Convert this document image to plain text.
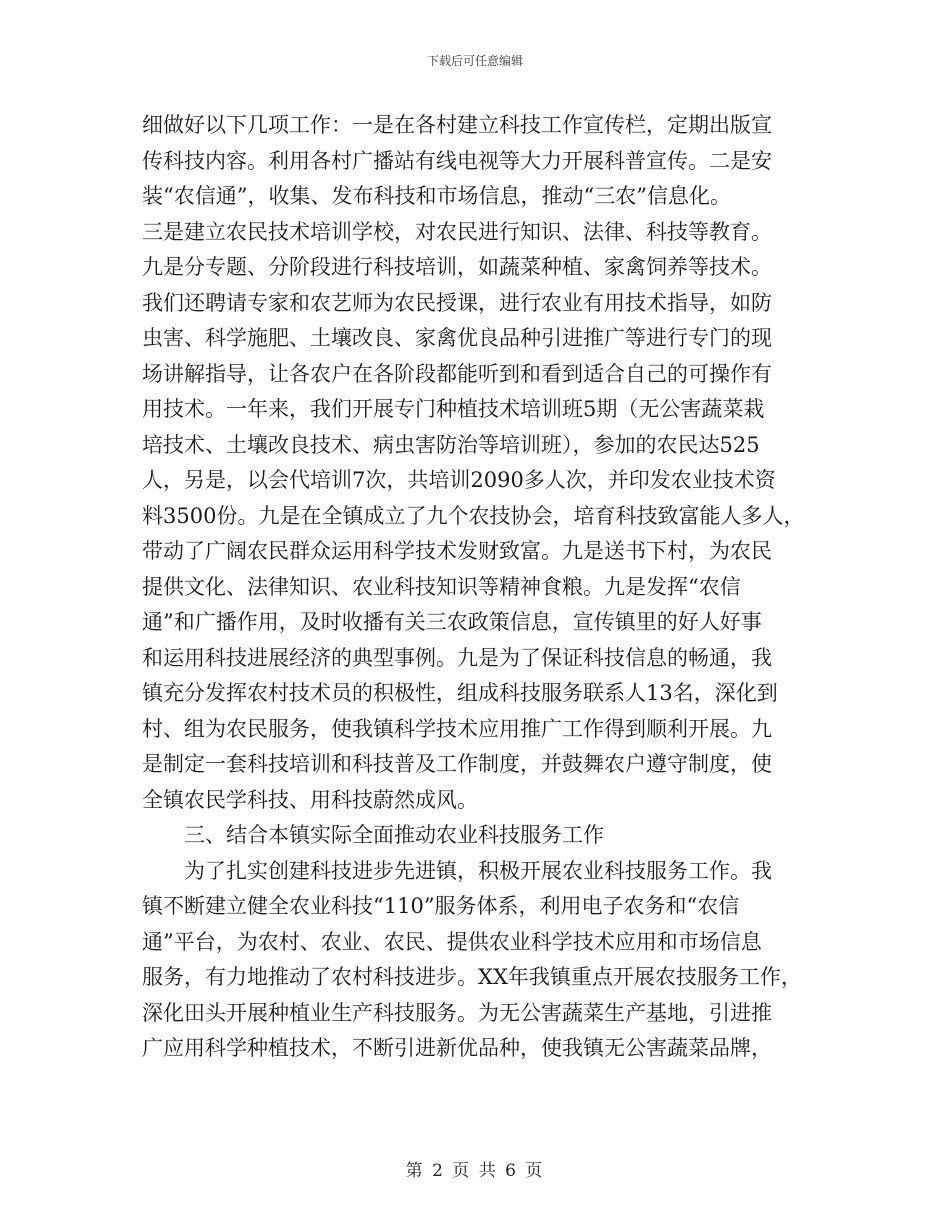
下载后可任意编辑
细做好以下几项工作：一是在各村建立科技工作宣传栏，定期出版宣
传科技内容。利用各村广播站有线电视等大力开展科普宣传。二是安
装“农信通”，收集、发布科技和市场信息，推动“三农”信息化。
三是建立农民技术培训学校，对农民进行知识、法律、科技等教育。
九是分专题、分阶段进行科技培训，如蔬菜种植、家禽饲养等技术。
我们还聘请专家和农艺师为农民授课，进行农业有用技术指导，如防
虫害、科学施肥、土壤改良、家禽优良品种引进推广等进行专门的现
场讲解指导，让各农户在各阶段都能听到和看到适合自己的可操作有
用技术。一年来，我们开展专门种植技术培训班5期（无公害蔬菜栽
培技术、土壤改良技术、病虫害防治等培训班），参加的农民达525
人，另是，以会代培训7次，共培训2090多人次，并印发农业技术资
料3500份。九是在全镇成立了九个农技协会，培育科技致富能人多人，
带动了广阔农民群众运用科学技术发财致富。九是送书下村，为农民
提供文化、法律知识、农业科技知识等精神食粮。九是发挥“农信
通”和广播作用，及时收播有关三农政策信息，宣传镇里的好人好事
和运用科技进展经济的典型事例。九是为了保证科技信息的畅通，我
镇充分发挥农村技术员的积极性，组成科技服务联系人13名，深化到
村、组为农民服务，使我镇科学技术应用推广工作得到顺利开展。九
是制定一套科技培训和科技普及工作制度，并鼓舞农户遵守制度，使
全镇农民学科技、用科技蔚然成风。
三、结合本镇实际全面推动农业科技服务工作
为了扎实创建科技进步先进镇，积极开展农业科技服务工作。我
镇不断建立健全农业科技“110”服务体系，利用电子农务和“农信
通”平台，为农村、农业、农民、提供农业科学技术应用和市场信息
服务，有力地推动了农村科技进步。XX年我镇重点开展农技服务工作，
深化田头开展种植业生产科技服务。为无公害蔬菜生产基地，引进推
广应用科学种植技术，不断引进新优品种，使我镇无公害蔬菜品牌，
第 2 页 共 6 页
